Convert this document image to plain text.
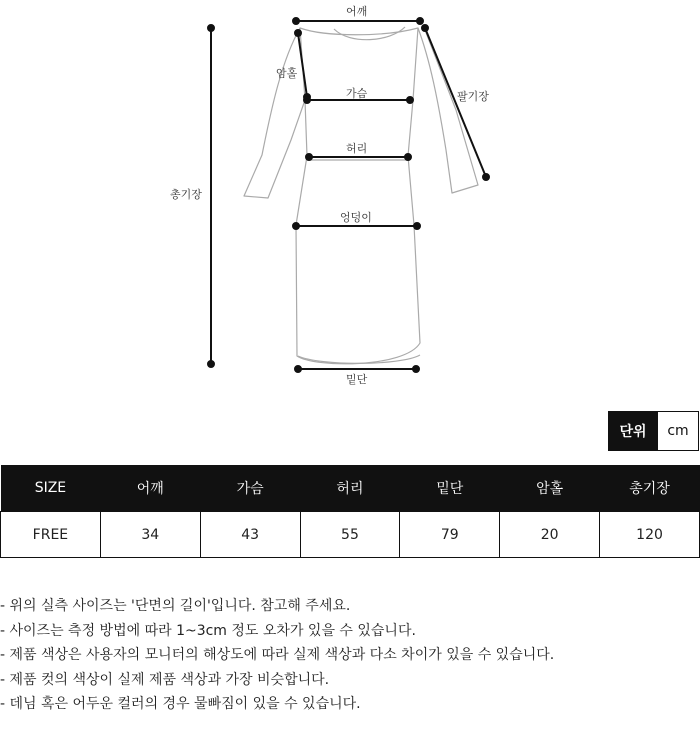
어깨
암홀
가슴	팔기장
허리
총기장
엉덩이
밑단
단위	cm
SIZE	어깨	가슴	허리	밑단	암홀	총기장
FREE	34	43	55	79	20	120
- 위의 실측 사이즈는 '단면의 길이'입니다. 참고해 주세요.
- 사이즈는 측정 방법에 따라 1~3cm 정도 오차가 있을 수 있습니다.
- 제품 색상은 사용자의 모니터의 해상도에 따라 실제 색상과 다소 차이가 있을 수 있습니다.
- 제품 컷의 색상이 실제 제품 색상과 가장 비슷합니다.
- 데님 혹은 어두운 컬러의 경우 물빠짐이 있을 수 있습니다.
